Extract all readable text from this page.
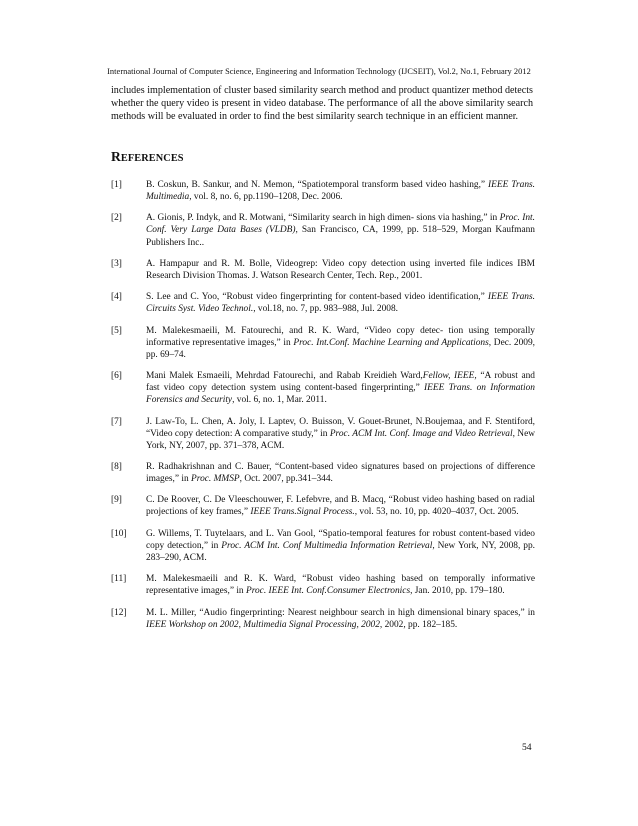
International Journal of Computer Science, Engineering and Information Technology (IJCSEIT), Vol.2, No.1, February 2012

includes implementation of cluster based similarity search method and product quantizer method detects whether the query video is present in video database. The performance of all the above similarity search methods will be evaluated in order to find the best similarity search technique in an efficient manner.

REFERENCES
[1]	B. Coskun, B. Sankur, and N. Memon, “Spatiotemporal transform based video hashing,” IEEE Trans. Multimedia, vol. 8, no. 6, pp.1190–1208, Dec. 2006.
[2]	A. Gionis, P. Indyk, and R. Motwani, “Similarity search in high dimen- sions via hashing,” in Proc. Int. Conf. Very Large Data Bases (VLDB), San Francisco, CA, 1999, pp. 518–529, Morgan Kaufmann Publishers Inc..
[3]	A. Hampapur and R. M. Bolle, Videogrep: Video copy detection using inverted file indices IBM Research Division Thomas. J. Watson Research Center, Tech. Rep., 2001.
[4]	S. Lee and C. Yoo, “Robust video fingerprinting for content-based video identification,” IEEE Trans. Circuits Syst. Video Technol., vol.18, no. 7, pp. 983–988, Jul. 2008.
[5]	M. Malekesmaeili, M. Fatourechi, and R. K. Ward, “Video copy detec- tion using temporally informative representative images,” in Proc. Int.Conf. Machine Learning and Applications, Dec. 2009, pp. 69–74.
[6]	Mani Malek Esmaeili, Mehrdad Fatourechi, and Rabab Kreidieh Ward,Fellow, IEEE, “A robust and fast video copy detection system using content-based fingerprinting,” IEEE Trans. on Information Forensics and Security, vol. 6, no. 1, Mar. 2011.
[7]	J. Law-To, L. Chen, A. Joly, I. Laptev, O. Buisson, V. Gouet-Brunet, N.Boujemaa, and F. Stentiford, “Video copy detection: A comparative study,” in Proc. ACM Int. Conf. Image and Video Retrieval, New York, NY, 2007, pp. 371–378, ACM.
[8]	R. Radhakrishnan and C. Bauer, “Content-based video signatures based on projections of difference images,” in Proc. MMSP, Oct. 2007, pp.341–344.
[9]	C. De Roover, C. De Vleeschouwer, F. Lefebvre, and B. Macq, “Robust video hashing based on radial projections of key frames,” IEEE Trans.Signal Process., vol. 53, no. 10, pp. 4020–4037, Oct. 2005.
[10]	G. Willems, T. Tuytelaars, and L. Van Gool, “Spatio-temporal features for robust content-based video copy detection,” in Proc. ACM Int. Conf Multimedia Information Retrieval, New York, NY, 2008, pp. 283–290, ACM.
[11]	M. Malekesmaeili and R. K. Ward, “Robust video hashing based on temporally informative representative images,” in Proc. IEEE Int. Conf.Consumer Electronics, Jan. 2010, pp. 179–180.
[12]	M. L. Miller, “Audio fingerprinting: Nearest neighbour search in high dimensional binary spaces,” in IEEE Workshop on 2002, Multimedia Signal Processing, 2002, 2002, pp. 182–185.
54
